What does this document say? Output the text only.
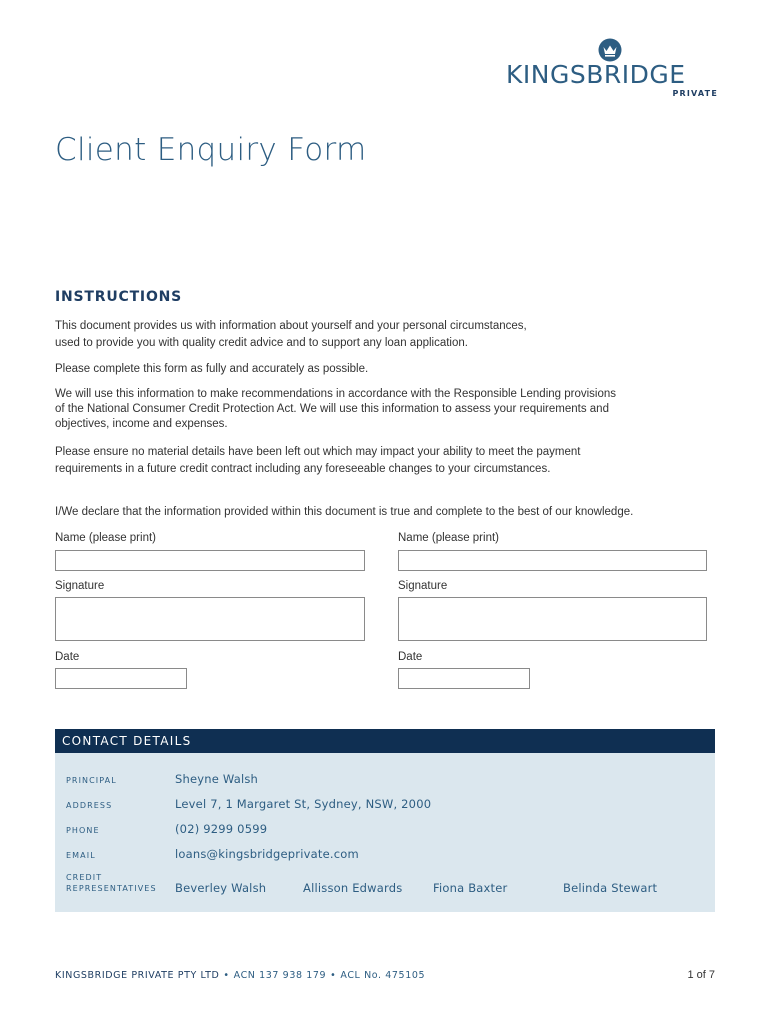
KINGSBRIDGE
PRIVATE
Client Enquiry Form
INSTRUCTIONS
This document provides us with information about yourself and your personal circumstances,
used to provide you with quality credit advice and to support any loan application.
Please complete this form as fully and accurately as possible.
We will use this information to make recommendations in accordance with the Responsible Lending provisions
of the National Consumer Credit Protection Act. We will use this information to assess your requirements and
objectives, income and expenses.
Please ensure no material details have been left out which may impact your ability to meet the payment
requirements in a future credit contract including any foreseeable changes to your circumstances.
I/We declare that the information provided within this document is true and complete to the best of our knowledge.
Name (please print)
Signature
Date
Name (please print)
Signature
Date
CONTACT DETAILS
PRINCIPAL	Sheyne Walsh
ADDRESS	Level 7, 1 Margaret St, Sydney, NSW, 2000
PHONE	(02) 9299 0599
EMAIL	loans@kingsbridgeprivate.com
CREDIT
REPRESENTATIVES Beverley Walsh	Allisson Edwards	Fiona Baxter	Belinda Stewart
KINGSBRIDGE PRIVATE PTY LTD • ACN 137 938 179 • ACL No. 475105	1 of 7
